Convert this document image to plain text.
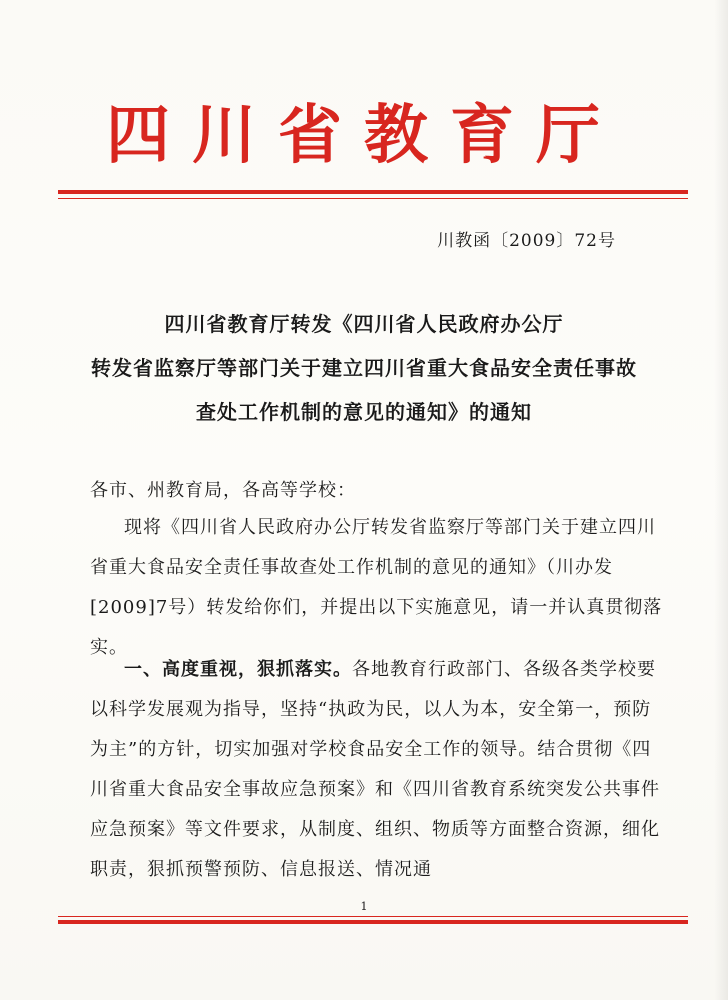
四川省教育厅
川教函〔2009〕72号
四川省教育厅转发《四川省人民政府办公厅
转发省监察厅等部门关于建立四川省重大食品安全责任事故
查处工作机制的意见的通知》的通知
各市、州教育局，各高等学校：
现将《四川省人民政府办公厅转发省监察厅等部门关于建立四川省重大食品安全责任事故查处工作机制的意见的通知》（川办发[2009]7号）转发给你们，并提出以下实施意见，请一并认真贯彻落实。
一、高度重视，狠抓落实。各地教育行政部门、各级各类学校要以科学发展观为指导，坚持“执政为民，以人为本，安全第一，预防为主”的方针，切实加强对学校食品安全工作的领导。结合贯彻《四川省重大食品安全事故应急预案》和《四川省教育系统突发公共事件应急预案》等文件要求，从制度、组织、物质等方面整合资源，细化职责，狠抓预警预防、信息报送、情况通
1
